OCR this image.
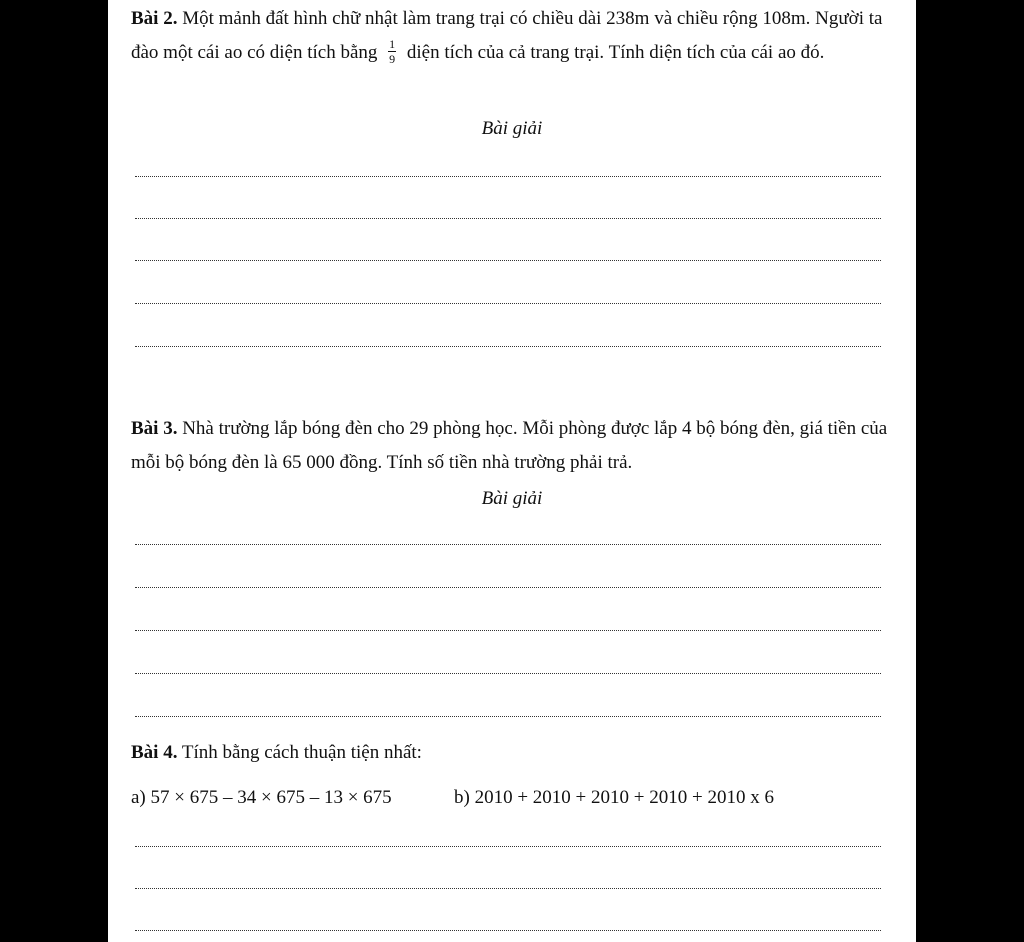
Bài 2. Một mảnh đất hình chữ nhật làm trang trại có chiều dài 238m và chiều rộng 108m. Người ta đào một cái ao có diện tích bằng $\frac{1}{9}$ diện tích của cả trang trại. Tính diện tích của cái ao đó.

Bài giải

Bài 3. Nhà trường lắp bóng đèn cho 29 phòng học. Mỗi phòng được lắp 4 bộ bóng đèn, giá tiền của mỗi bộ bóng đèn là 65 000 đồng. Tính số tiền nhà trường phải trả.

Bài giải

Bài 4. Tính bằng cách thuận tiện nhất:

a) 57 × 675 – 34 × 675 – 13 × 675	b) 2010 + 2010 + 2010 + 2010 + 2010 x 6
